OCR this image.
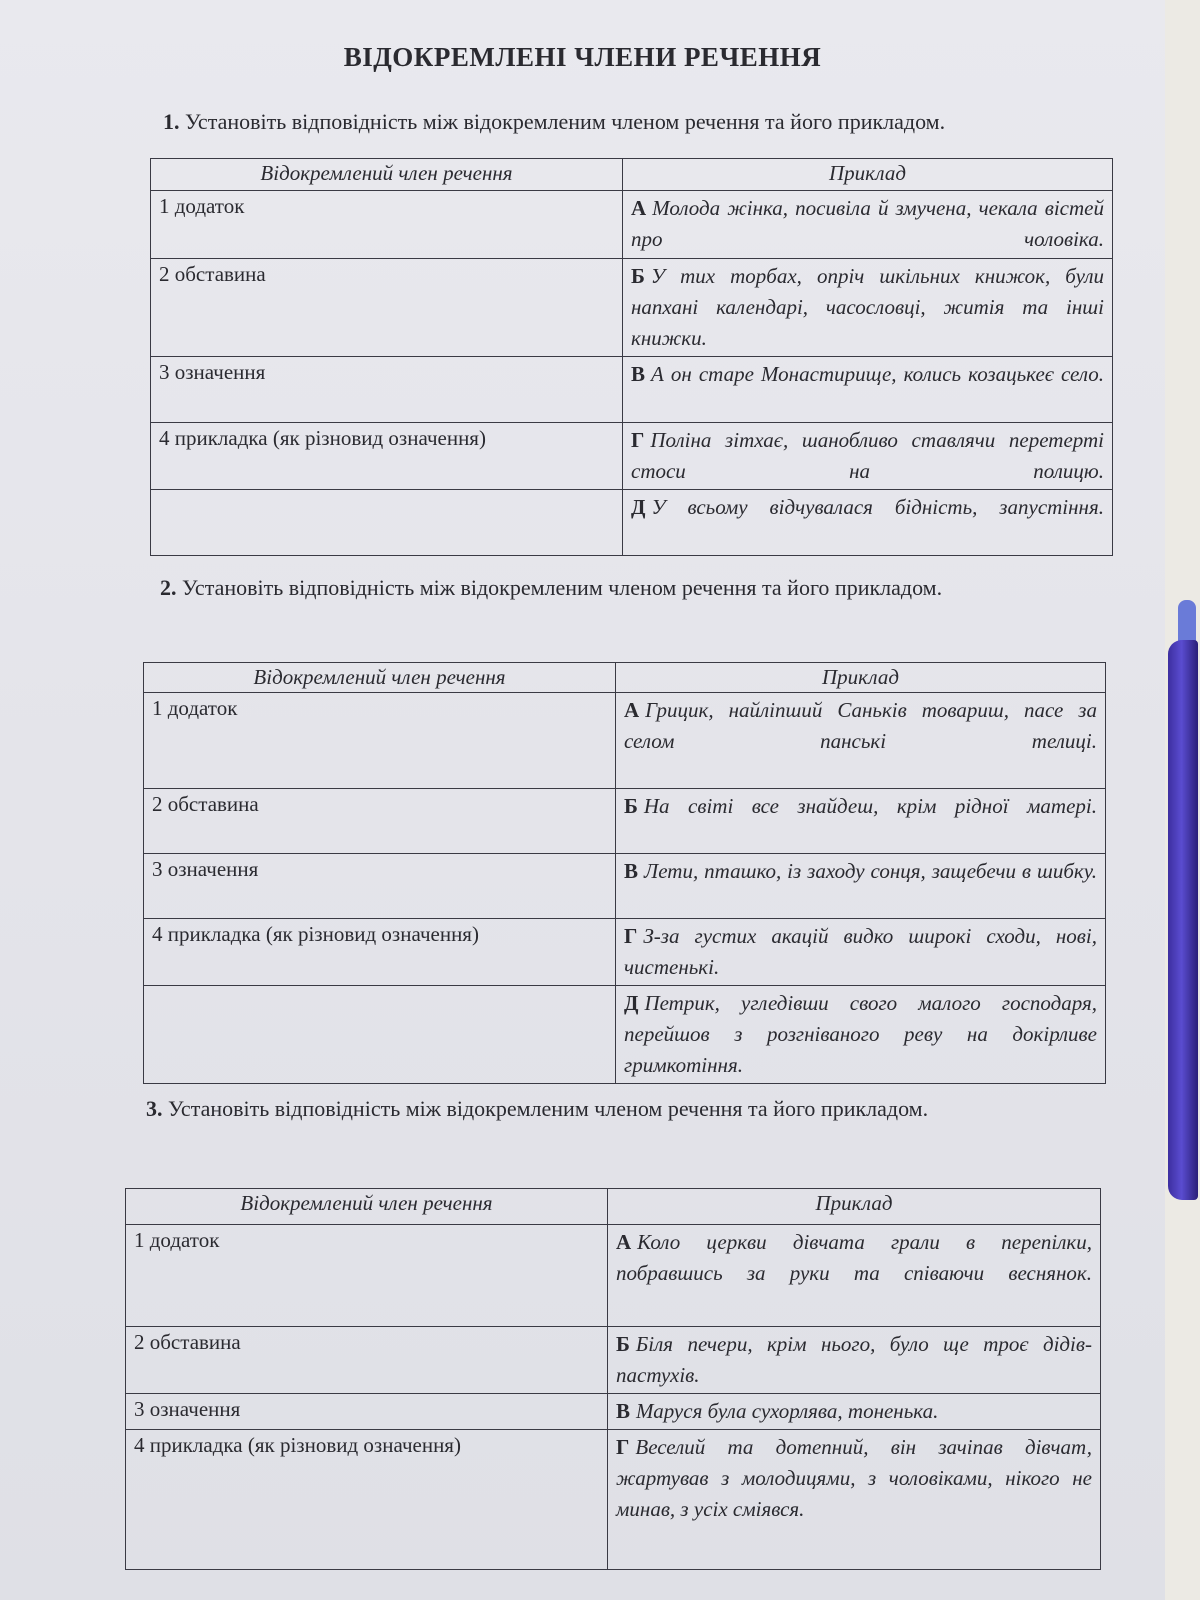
ВІДОКРЕМЛЕНІ ЧЛЕНИ РЕЧЕННЯ
1. Установіть відповідність між відокремленим членом речення та його прикладом.
Відокремлений член речення	Приклад
1 додаток	А Молода жінка, посивіла й змучена, чекала вістей про чоловіка.
2 обставина	Б У тих торбах, опріч шкільних книжок, були напхані календарі, часословці, житія та інші книжки.
3 означення	В А он старе Монастирище, колись козацькеє село.
4 прикладка (як різновид означення)	Г Поліна зітхає, шанобливо ставлячи перетерті стоси на полицю.
	Д У всьому відчувалася бідність, запустіння.
2. Установіть відповідність між відокремленим членом речення та його прикладом.
Відокремлений член речення	Приклад
1 додаток	А Грицик, найліпший Саньків товариш, пасе за селом панські телиці.
2 обставина	Б На світі все знайдеш, крім рідної матері.
3 означення	В Лети, пташко, із заходу сонця, защебечи в шибку.
4 прикладка (як різновид означення)	Г З-за густих акацій видко широкі сходи, нові, чистенькі.
	Д Петрик, угледівши свого малого господаря, перейшов з розгніваного реву на докірливе гримкотіння.
3. Установіть відповідність між відокремленим членом речення та його прикладом.
Відокремлений член речення	Приклад
1 додаток	А Коло церкви дівчата грали в перепілки, побравшись за руки та співаючи веснянок.
2 обставина	Б Біля печери, крім нього, було ще троє дідів-пастухів.
3 означення	В Маруся була сухорлява, тоненька.
4 прикладка (як різновид означення)	Г Веселий та дотепний, він зачіпав дівчат, жартував з молодицями, з чоловіками, нікого не минав, з усіх сміявся.
